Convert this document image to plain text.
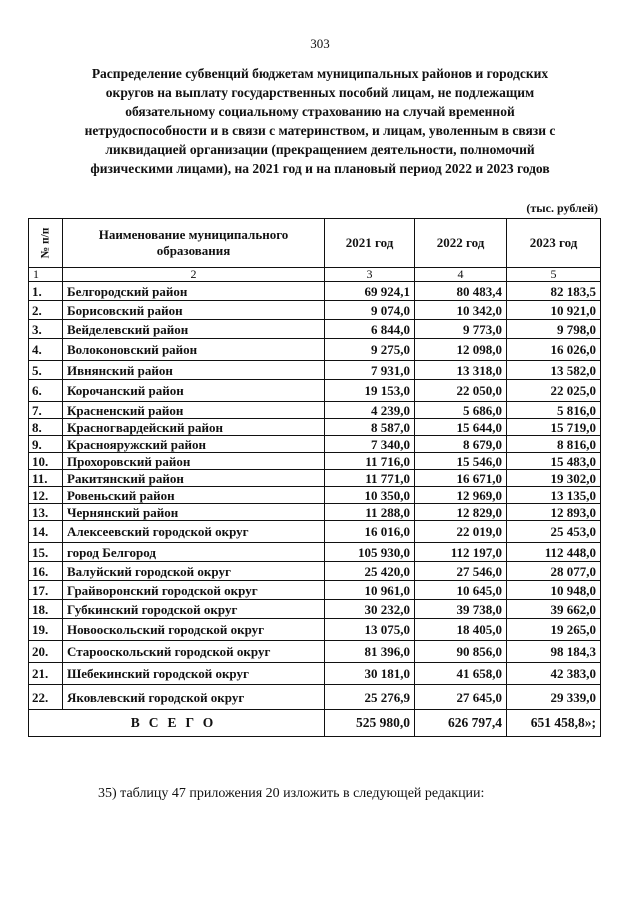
303
Распределение субвенций бюджетам муниципальных районов и городских
округов на выплату государственных пособий лицам, не подлежащим
обязательному социальному страхованию на случай временной
нетрудоспособности и в связи с материнством, и лицам, уволенным в связи с
ликвидацией организации (прекращением деятельности, полномочий
физическими лицами), на 2021 год и на плановый период 2022 и 2023 годов
(тыс. рублей)
№ п/п	Наименование муниципального образования	2021 год	2022 год	2023 год
1	2	3	4	5
1.	Белгородский район	69 924,1	80 483,4	82 183,5
2.	Борисовский район	9 074,0	10 342,0	10 921,0
3.	Вейделевский район	6 844,0	9 773,0	9 798,0
4.	Волоконовский район	9 275,0	12 098,0	16 026,0
5.	Ивнянский район	7 931,0	13 318,0	13 582,0
6.	Корочанский район	19 153,0	22 050,0	22 025,0
7.	Красненский район	4 239,0	5 686,0	5 816,0
8.	Красногвардейский район	8 587,0	15 644,0	15 719,0
9.	Краснояружский район	7 340,0	8 679,0	8 816,0
10.	Прохоровский район	11 716,0	15 546,0	15 483,0
11.	Ракитянский район	11 771,0	16 671,0	19 302,0
12.	Ровеньский район	10 350,0	12 969,0	13 135,0
13.	Чернянский район	11 288,0	12 829,0	12 893,0
14.	Алексеевский городской округ	16 016,0	22 019,0	25 453,0
15.	город Белгород	105 930,0	112 197,0	112 448,0
16.	Валуйский городской округ	25 420,0	27 546,0	28 077,0
17.	Грайворонский городской округ	10 961,0	10 645,0	10 948,0
18.	Губкинский городской округ	30 232,0	39 738,0	39 662,0
19.	Новооскольский городской округ	13 075,0	18 405,0	19 265,0
20.	Старооскольский городской округ	81 396,0	90 856,0	98 184,3
21.	Шебекинский городской округ	30 181,0	41 658,0	42 383,0
22.	Яковлевский городской округ	25 276,9	27 645,0	29 339,0
ВСЕГО		525 980,0	626 797,4	651 458,8»;
35) таблицу 47 приложения 20 изложить в следующей редакции:
